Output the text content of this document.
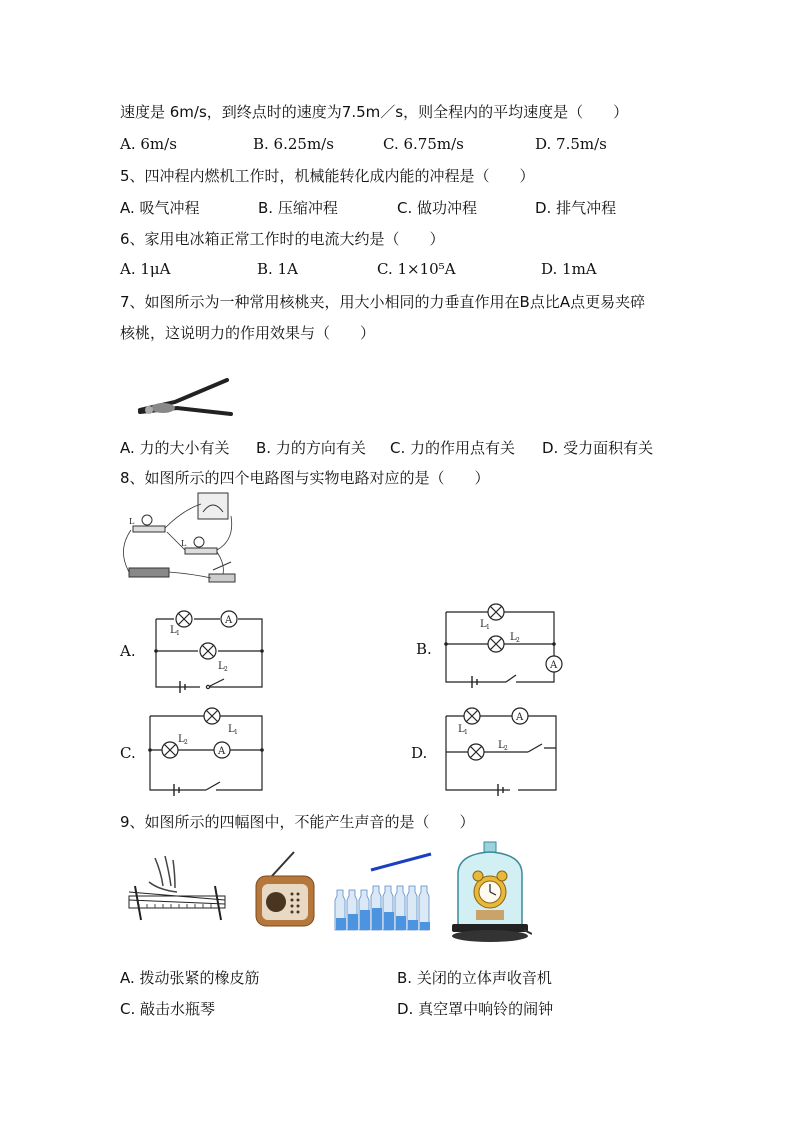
速度是 6m/s，到终点时的速度为7.5m／s，则全程内的平均速度是（　　）
A. 6m/s	B. 6.25m/s	C. 6.75m/s	D. 7.5m/s
5、四冲程内燃机工作时，机械能转化成内能的冲程是（　　）
A. 吸气冲程	B. 压缩冲程	C. 做功冲程	D. 排气冲程
6、家用电冰箱正常工作时的电流大约是（　　）
A. 1μA	B. 1A	C. 1×10⁵A	D. 1mA
7、如图所示为一种常用核桃夹，用大小相同的力垂直作用在B点比A点更易夹碎
核桃，这说明力的作用效果与（　　）
A. 力的大小有关 B. 力的方向有关 C. 力的作用点有关 D. 受力面积有关
8、如图所示的四个电路图与实物电路对应的是（　　）
L
L
A.
A
L 1
L 2
B.
A
L 1
L 2
C.	A
L 1
L 2
D.
A
L 1
L 2
9、如图所示的四幅图中，不能产生声音的是（　　）
A. 拨动张紧的橡皮筋	B. 关闭的立体声收音机
C. 敲击水瓶琴	D. 真空罩中响铃的闹钟
